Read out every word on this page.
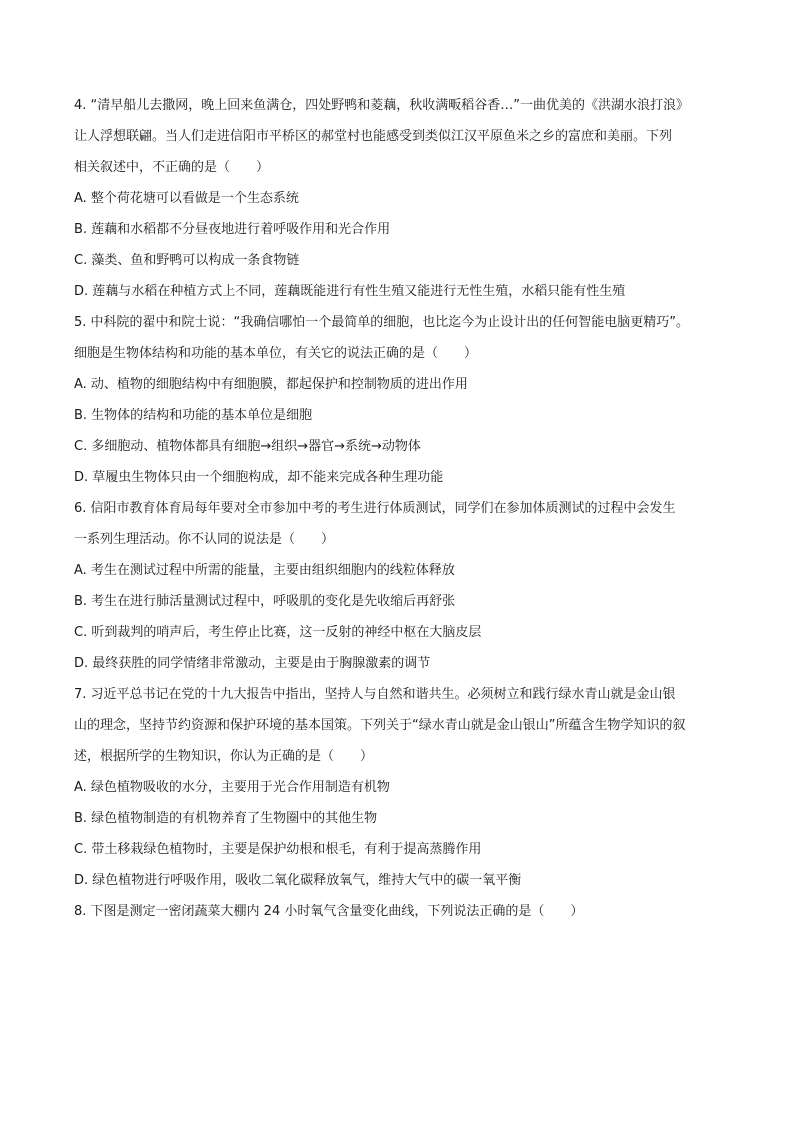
4. “清早船儿去撒网，晚上回来鱼满仓，四处野鸭和菱藕，秋收满畈稻谷香…”一曲优美的《洪湖水浪打浪》
让人浮想联翩。当人们走进信阳市平桥区的郝堂村也能感受到类似江汉平原鱼米之乡的富庶和美丽。下列
相关叙述中，不正确的是（　　）
A. 整个荷花塘可以看做是一个生态系统
B. 莲藕和水稻都不分昼夜地进行着呼吸作用和光合作用
C. 藻类、鱼和野鸭可以构成一条食物链
D. 莲藕与水稻在种植方式上不同，莲藕既能进行有性生殖又能进行无性生殖，水稻只能有性生殖
5. 中科院的翟中和院士说：“我确信哪怕一个最简单的细胞，也比迄今为止设计出的任何智能电脑更精巧”。
细胞是生物体结构和功能的基本单位，有关它的说法正确的是（　　）
A. 动、植物的细胞结构中有细胞膜，都起保护和控制物质的进出作用
B. 生物体的结构和功能的基本单位是细胞
C. 多细胞动、植物体都具有细胞→组织→器官→系统→动物体
D. 草履虫生物体只由一个细胞构成，却不能来完成各种生理功能
6. 信阳市教育体育局每年要对全市参加中考的考生进行体质测试，同学们在参加体质测试的过程中会发生
一系列生理活动。你不认同的说法是（　　）
A. 考生在测试过程中所需的能量，主要由组织细胞内的线粒体释放
B. 考生在进行肺活量测试过程中，呼吸肌的变化是先收缩后再舒张
C. 听到裁判的哨声后，考生停止比赛，这一反射的神经中枢在大脑皮层
D. 最终获胜的同学情绪非常激动，主要是由于胸腺激素的调节
7. 习近平总书记在党的十九大报告中指出，坚持人与自然和谐共生。必须树立和践行绿水青山就是金山银
山的理念，坚持节约资源和保护环境的基本国策。下列关于“绿水青山就是金山银山”所蕴含生物学知识的叙
述，根据所学的生物知识，你认为正确的是（　　）
A. 绿色植物吸收的水分，主要用于光合作用制造有机物
B. 绿色植物制造的有机物养育了生物圈中的其他生物
C. 带土移栽绿色植物时，主要是保护幼根和根毛，有利于提高蒸腾作用
D. 绿色植物进行呼吸作用，吸收二氧化碳释放氧气，维持大气中的碳一氧平衡
8. 下图是测定一密闭蔬菜大棚内 24 小时氧气含量变化曲线，下列说法正确的是（　　）
